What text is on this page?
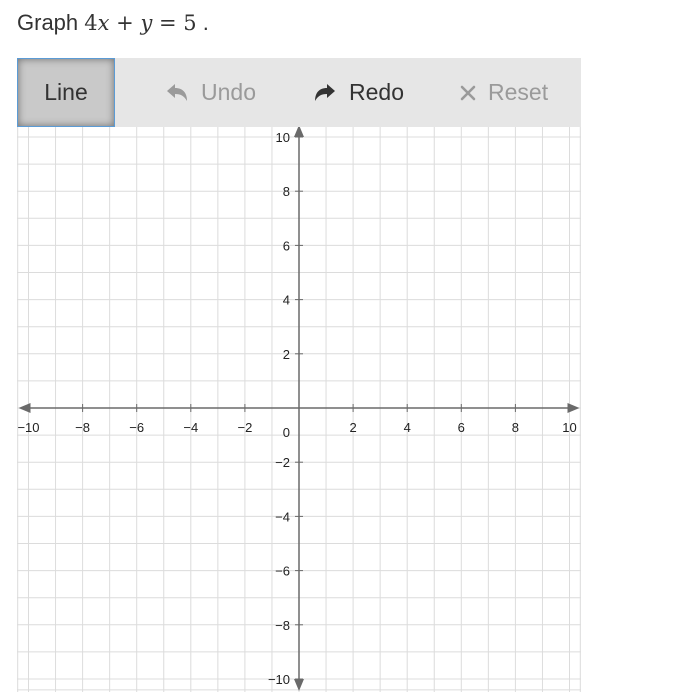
Graph 4x + y = 5 .
Line	Undo	Redo	Reset
−10	−8	−6	−4	−2	2	4	6	8	10
−10
−8
−6
−4
−2
2
4
6
8
10
0
